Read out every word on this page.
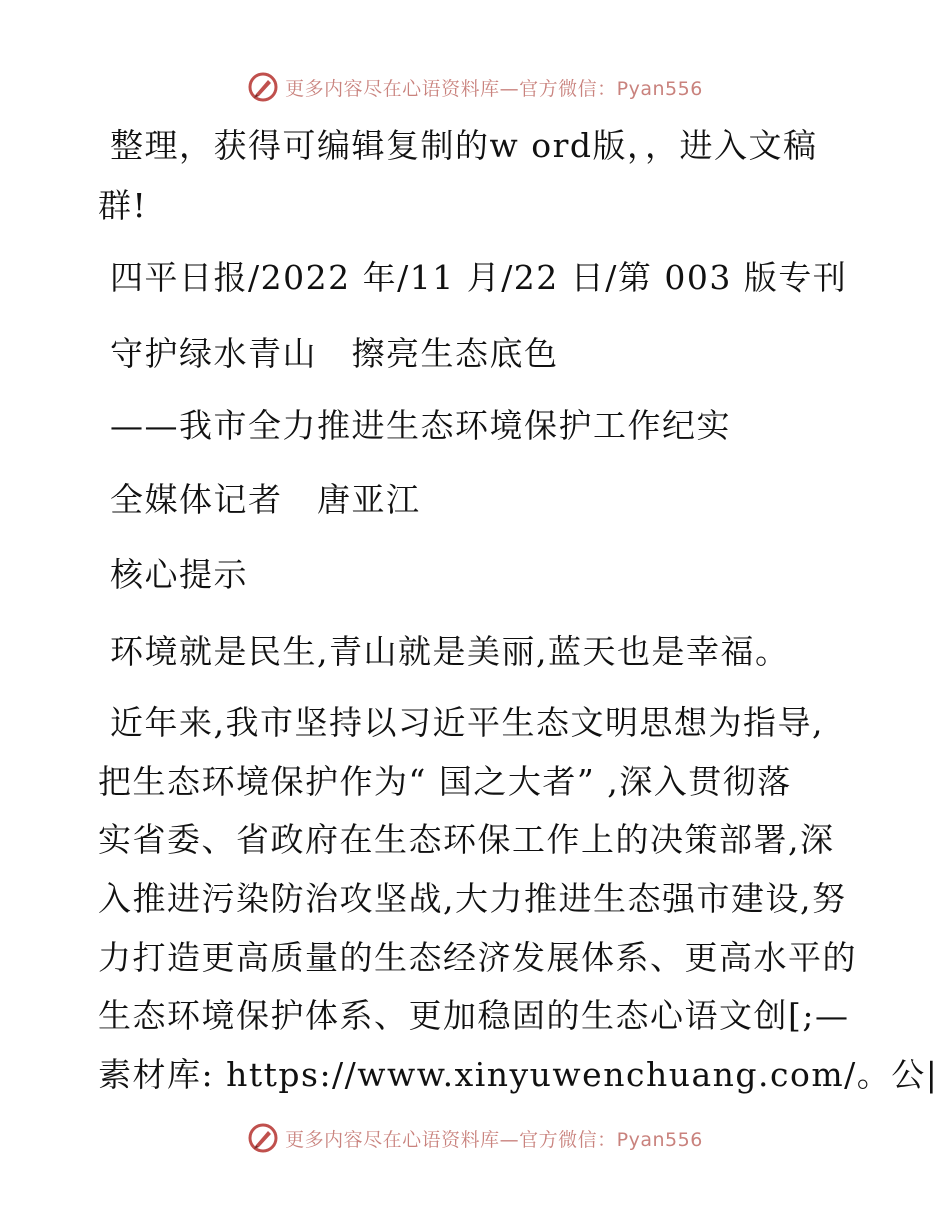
更多内容尽在心语资料库—官方微信：Pyan556
整理，获得可编辑复制的w ord版，，进入文稿
群!
四平日报/2022 年/11 月/22 日/第 003 版专刊
守护绿水青山　擦亮生态底色
——我市全力推进生态环境保护工作纪实
全媒体记者　唐亚江
核心提示
环境就是民生,青山就是美丽,蓝天也是幸福。
近年来,我市坚持以习近平生态文明思想为指导,
把生态环境保护作为“ 国之大者” ,深入贯彻落
实省委、省政府在生态环保工作上的决策部署,深
入推进污染防治攻坚战,大力推进生态强市建设,努
力打造更高质量的生态经济发展体系、更高水平的
生态环境保护体系、更加稳固的生态心语文创[;—
素材库: https://www.xinyuwenchuang.com/。公|
更多内容尽在心语资料库—官方微信：Pyan556
